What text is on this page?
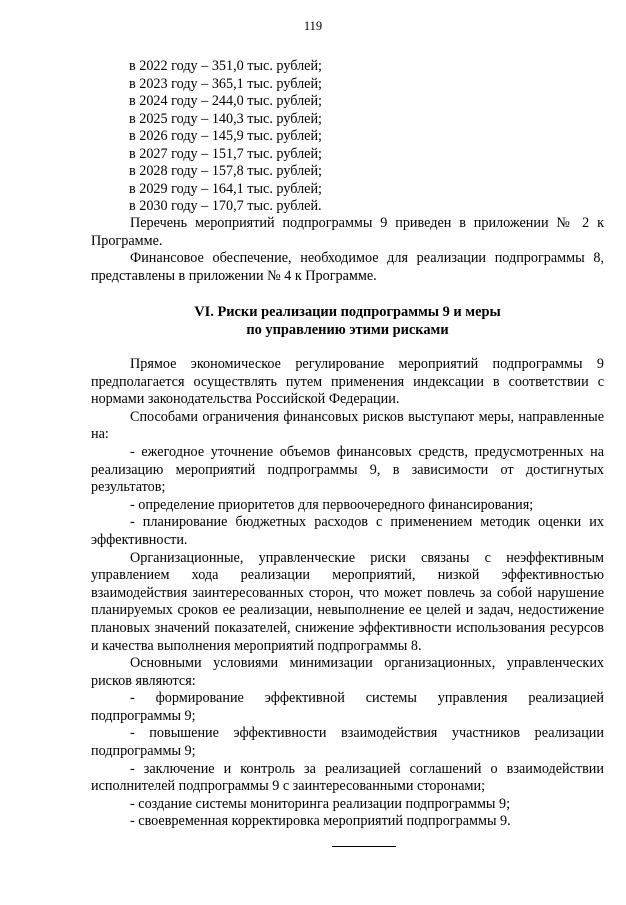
119
в 2022 году – 351,0 тыс. рублей;
в 2023 году – 365,1 тыс. рублей;
в 2024 году – 244,0 тыс. рублей;
в 2025 году – 140,3 тыс. рублей;
в 2026 году – 145,9 тыс. рублей;
в 2027 году – 151,7 тыс. рублей;
в 2028 году – 157,8 тыс. рублей;
в 2029 году – 164,1 тыс. рублей;
в 2030 году – 170,7 тыс. рублей.

Перечень мероприятий подпрограммы 9 приведен в приложении № 2 к Программе.

Финансовое обеспечение, необходимое для реализации подпрограммы 8, представлены в приложении № 4 к Программе.

VI. Риски реализации подпрограммы 9 и меры
по управлению этими рисками

Прямое экономическое регулирование мероприятий подпрограммы 9 предполагается осуществлять путем применения индексации в соответствии с нормами законодательства Российской Федерации.

Способами ограничения финансовых рисков выступают меры, направленные на:

- ежегодное уточнение объемов финансовых средств, предусмотренных на реализацию мероприятий подпрограммы 9, в зависимости от достигнутых результатов;

- определение приоритетов для первоочередного финансирования;

- планирование бюджетных расходов с применением методик оценки их эффективности.

Организационные, управленческие риски связаны с неэффективным управлением хода реализации мероприятий, низкой эффективностью взаимодействия заинтересованных сторон, что может повлечь за собой нарушение планируемых сроков ее реализации, невыполнение ее целей и задач, недостижение плановых значений показателей, снижение эффективности использования ресурсов и качества выполнения мероприятий подпрограммы 8.

Основными условиями минимизации организационных, управленческих рисков являются:

- формирование эффективной системы управления реализацией подпрограммы 9;

- повышение эффективности взаимодействия участников реализации подпрограммы 9;

- заключение и контроль за реализацией соглашений о взаимодействии исполнителей подпрограммы 9 с заинтересованными сторонами;

- создание системы мониторинга реализации подпрограммы 9;

- своевременная корректировка мероприятий подпрограммы 9.
